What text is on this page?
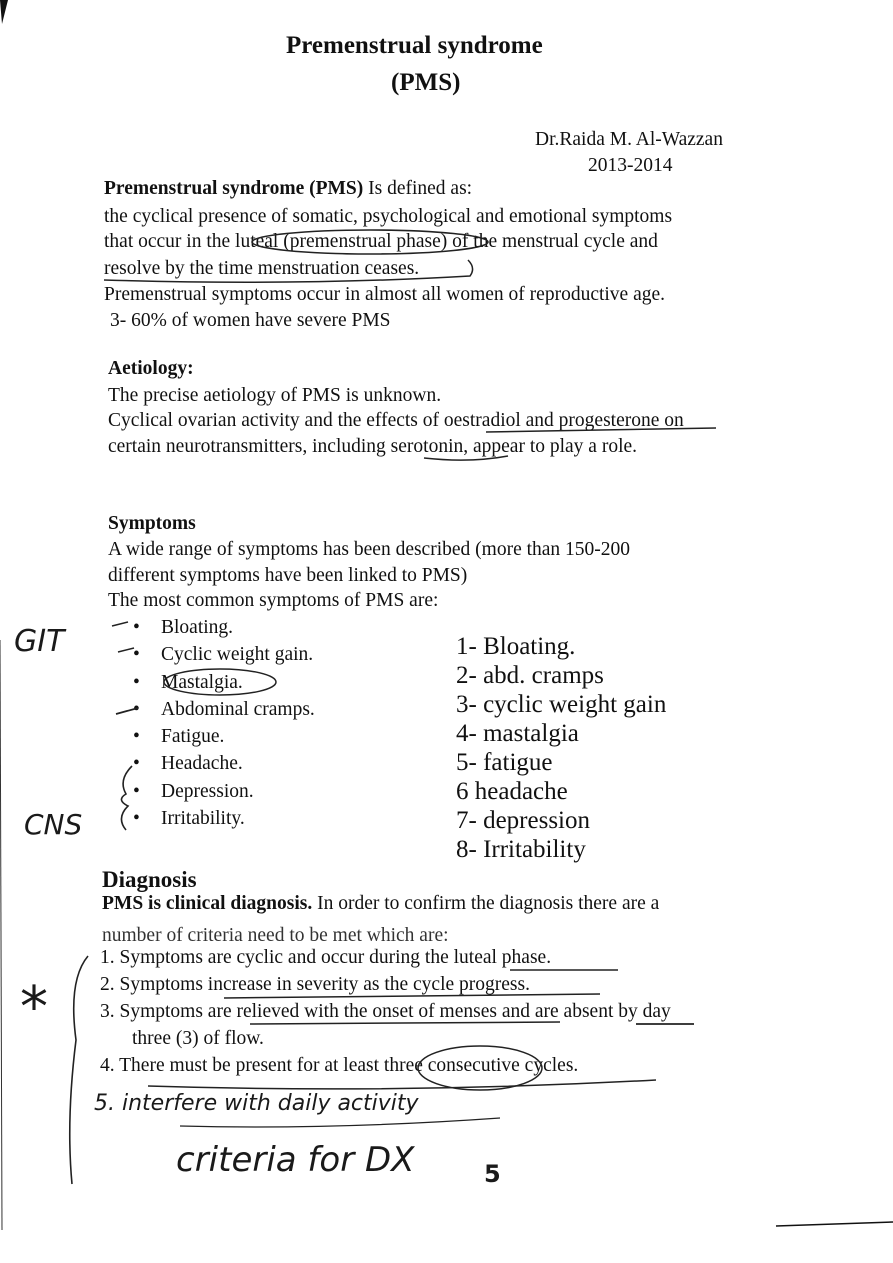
Premenstrual syndrome
(PMS)
Dr.Raida M. Al-Wazzan
2013-2014
Premenstrual syndrome (PMS) Is defined as:
the cyclical presence of somatic, psychological and emotional symptoms
that occur in the luteal (premenstrual phase) of the menstrual cycle and
resolve by the time menstruation ceases.
Premenstrual symptoms occur in almost all women of reproductive age.
3- 60% of women have severe PMS
Aetiology:
The precise aetiology of PMS is unknown.
Cyclical ovarian activity and the effects of oestradiol and progesterone on
certain neurotransmitters, including serotonin, appear to play a role.
Symptoms
A wide range of symptoms has been described (more than 150-200
different symptoms have been linked to PMS)
The most common symptoms of PMS are:
• Bloating.
• Cyclic weight gain.
• Mastalgia.
• Abdominal cramps.
• Fatigue.
• Headache.
• Depression.
• Irritability.
Diagnosis
PMS is clinical diagnosis. In order to confirm the diagnosis there are a
number of criteria need to be met which are:
1. Symptoms are cyclic and occur during the luteal phase.
2. Symptoms increase in severity as the cycle progress.
3. Symptoms are relieved with the onset of menses and are absent by day
three (3) of flow.
4. There must be present for at least three consecutive cycles.
GIT
CNS
*
1- Bloating.
2- abd. cramps
3- cyclic weight gain
4- mastalgia
5- fatigue
6 headache
7- depression
8- Irritability
5. interfere with daily activity
criteria for DX	5
